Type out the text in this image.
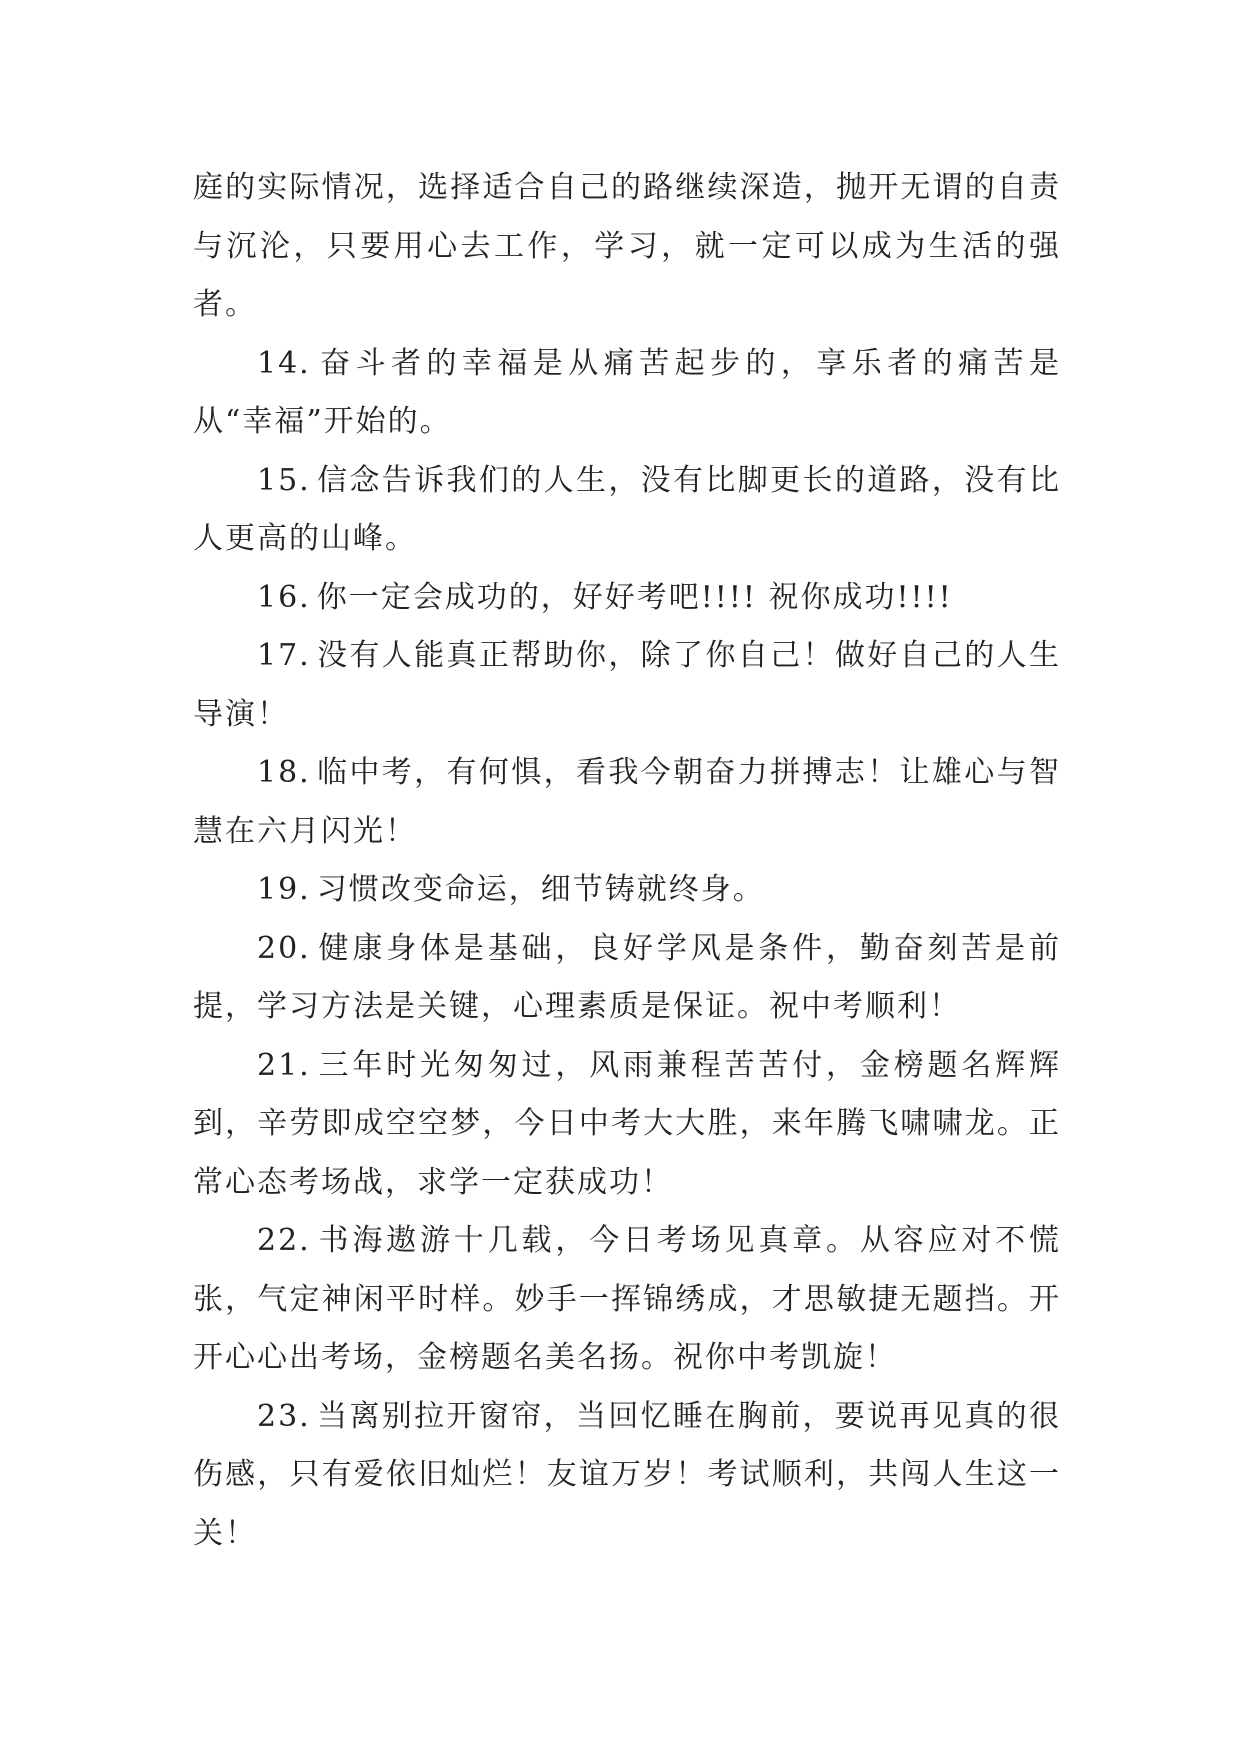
庭的实际情况，选择适合自己的路继续深造，抛开无谓的自责与沉沦，只要用心去工作，学习，就一定可以成为生活的强者。

14. 奋斗者的幸福是从痛苦起步的，享乐者的痛苦是从“幸福”开始的。

15. 信念告诉我们的人生，没有比脚更长的道路，没有比人更高的山峰。

16. 你一定会成功的，好好考吧!!!! 祝你成功!!!!

17. 没有人能真正帮助你，除了你自己！做好自己的人生导演！

18. 临中考，有何惧，看我今朝奋力拼搏志！让雄心与智慧在六月闪光！

19. 习惯改变命运，细节铸就终身。

20. 健康身体是基础，良好学风是条件，勤奋刻苦是前提，学习方法是关键，心理素质是保证。祝中考顺利！

21. 三年时光匆匆过，风雨兼程苦苦付，金榜题名辉辉到，辛劳即成空空梦，今日中考大大胜，来年腾飞啸啸龙。正常心态考场战，求学一定获成功！

22. 书海遨游十几载，今日考场见真章。从容应对不慌张，气定神闲平时样。妙手一挥锦绣成，才思敏捷无题挡。开开心心出考场，金榜题名美名扬。祝你中考凯旋！

23. 当离别拉开窗帘，当回忆睡在胸前，要说再见真的很伤感，只有爱依旧灿烂！友谊万岁！考试顺利，共闯人生这一关！
